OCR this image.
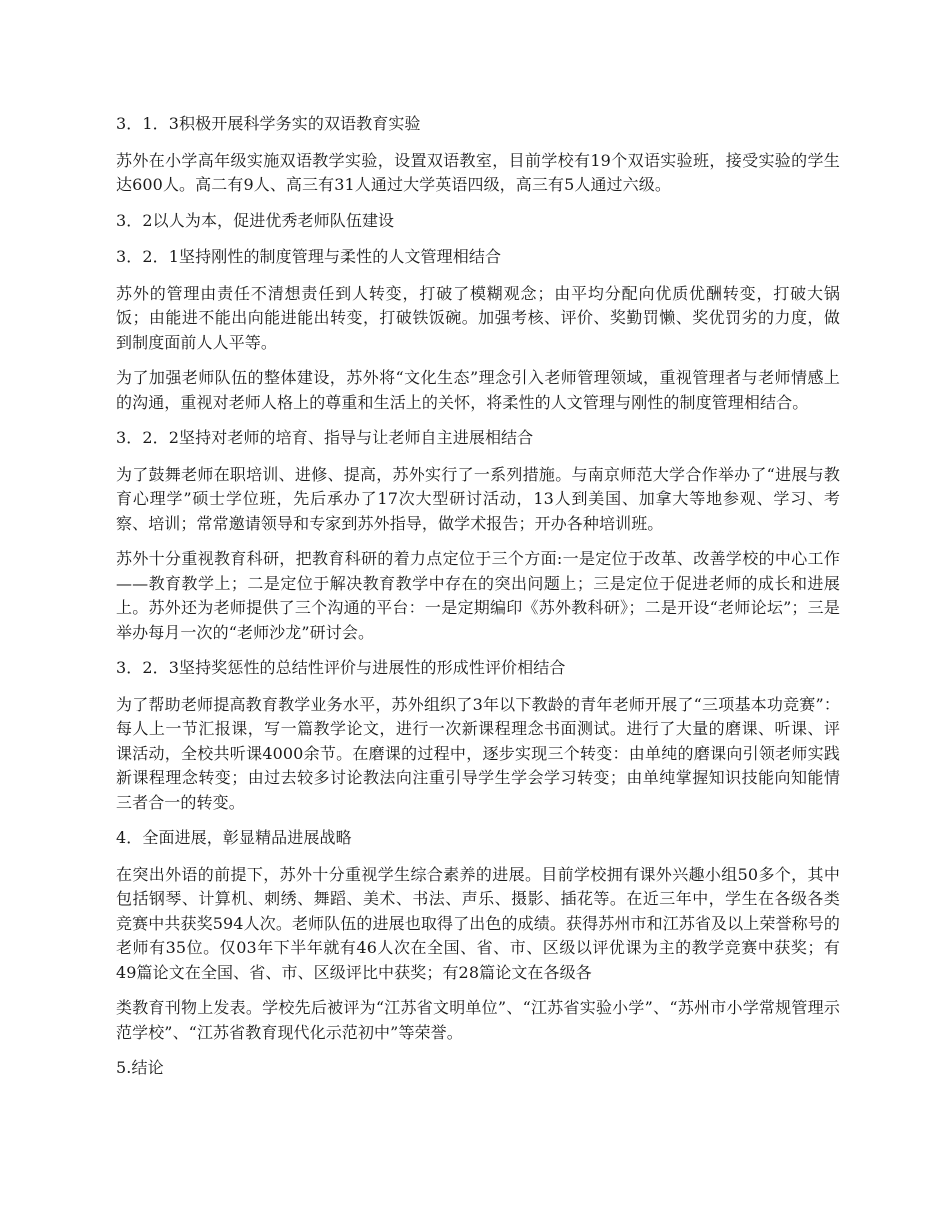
3．1．3积极开展科学务实的双语教育实验
苏外在小学高年级实施双语教学实验，设置双语教室，目前学校有19个双语实验班，接受实验的学生达600人。高二有9人、高三有31人通过大学英语四级，高三有5人通过六级。
3．2以人为本，促进优秀老师队伍建设
3．2．1坚持刚性的制度管理与柔性的人文管理相结合
苏外的管理由责任不清想责任到人转变，打破了模糊观念；由平均分配向优质优酬转变，打破大锅饭；由能进不能出向能进能出转变，打破铁饭碗。加强考核、评价、奖勤罚懒、奖优罚劣的力度，做到制度面前人人平等。
为了加强老师队伍的整体建设，苏外将“文化生态”理念引入老师管理领域，重视管理者与老师情感上的沟通，重视对老师人格上的尊重和生活上的关怀，将柔性的人文管理与刚性的制度管理相结合。
3．2．2坚持对老师的培育、指导与让老师自主进展相结合
为了鼓舞老师在职培训、进修、提高，苏外实行了一系列措施。与南京师范大学合作举办了“进展与教育心理学”硕士学位班，先后承办了17次大型研讨活动，13人到美国、加拿大等地参观、学习、考察、培训；常常邀请领导和专家到苏外指导，做学术报告；开办各种培训班。
苏外十分重视教育科研，把教育科研的着力点定位于三个方面:一是定位于改革、改善学校的中心工作——教育教学上；二是定位于解决教育教学中存在的突出问题上；三是定位于促进老师的成长和进展上。苏外还为老师提供了三个沟通的平台：一是定期编印《苏外教科研》；二是开设“老师论坛”；三是举办每月一次的“老师沙龙”研讨会。
3．2．3坚持奖惩性的总结性评价与进展性的形成性评价相结合
为了帮助老师提高教育教学业务水平，苏外组织了3年以下教龄的青年老师开展了“三项基本功竞赛”：每人上一节汇报课，写一篇教学论文，进行一次新课程理念书面测试。进行了大量的磨课、听课、评课活动，全校共听课4000余节。在磨课的过程中，逐步实现三个转变：由单纯的磨课向引领老师实践新课程理念转变；由过去较多讨论教法向注重引导学生学会学习转变；由单纯掌握知识技能向知能情三者合一的转变。
4．全面进展，彰显精品进展战略
在突出外语的前提下，苏外十分重视学生综合素养的进展。目前学校拥有课外兴趣小组50多个，其中包括钢琴、计算机、刺绣、舞蹈、美术、书法、声乐、摄影、插花等。在近三年中，学生在各级各类竞赛中共获奖594人次。老师队伍的进展也取得了出色的成绩。获得苏州市和江苏省及以上荣誉称号的老师有35位。仅03年下半年就有46人次在全国、省、市、区级以评优课为主的教学竞赛中获奖；有49篇论文在全国、省、市、区级评比中获奖；有28篇论文在各级各
类教育刊物上发表。学校先后被评为“江苏省文明单位”、“江苏省实验小学”、“苏州市小学常规管理示范学校”、“江苏省教育现代化示范初中”等荣誉。
5.结论
